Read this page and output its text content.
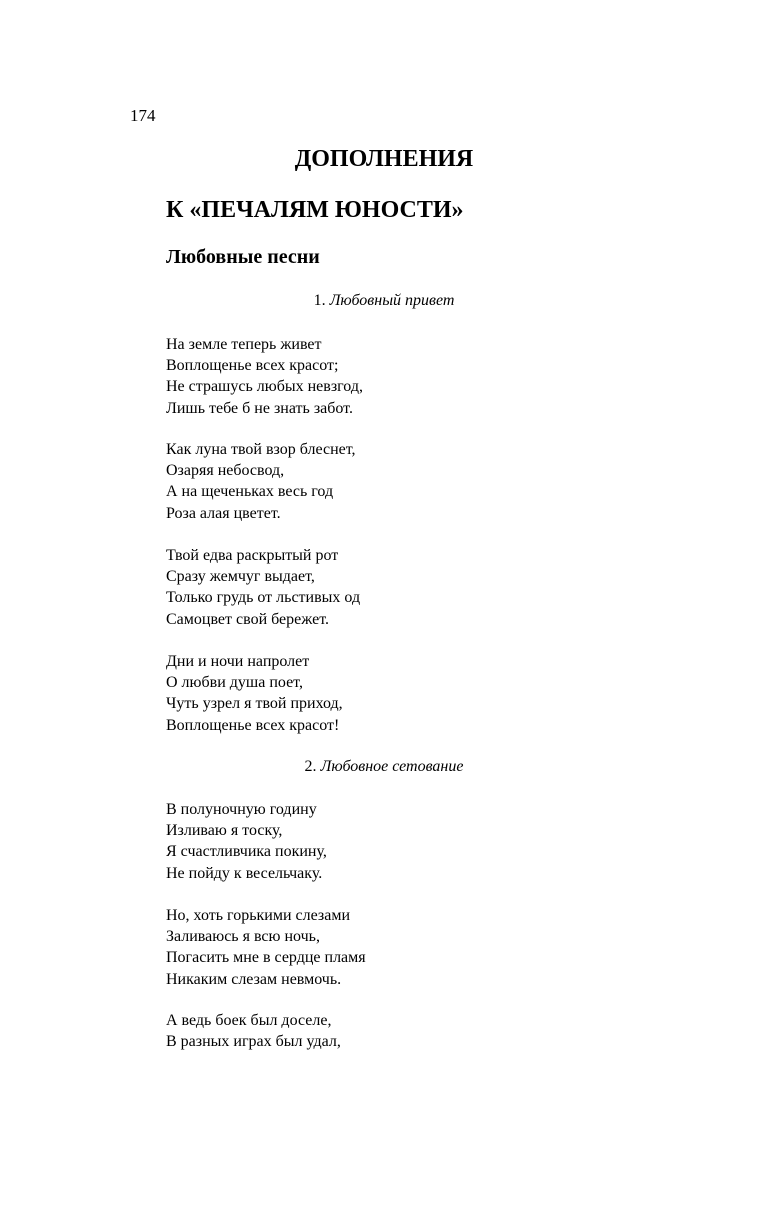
174
ДОПОЛНЕНИЯ
К «ПЕЧАЛЯМ ЮНОСТИ»
Любовные песни
1. Любовный привет
На земле теперь живет
Воплощенье всех красот;
Не страшусь любых невзгод,
Лишь тебе б не знать забот.
Как луна твой взор блеснет,
Озаряя небосвод,
А на щеченьках весь год
Роза алая цветет.
Твой едва раскрытый рот
Сразу жемчуг выдает,
Только грудь от льстивых од
Самоцвет свой бережет.
Дни и ночи напролет
О любви душа поет,
Чуть узрел я твой приход,
Воплощенье всех красот!
2. Любовное сетование
В полуночную годину
Изливаю я тоску,
Я счастливчика покину,
Не пойду к весельчаку.
Но, хоть горькими слезами
Заливаюсь я всю ночь,
Погасить мне в сердце пламя
Никаким слезам невмочь.
А ведь боек был доселе,
В разных играх был удал,
